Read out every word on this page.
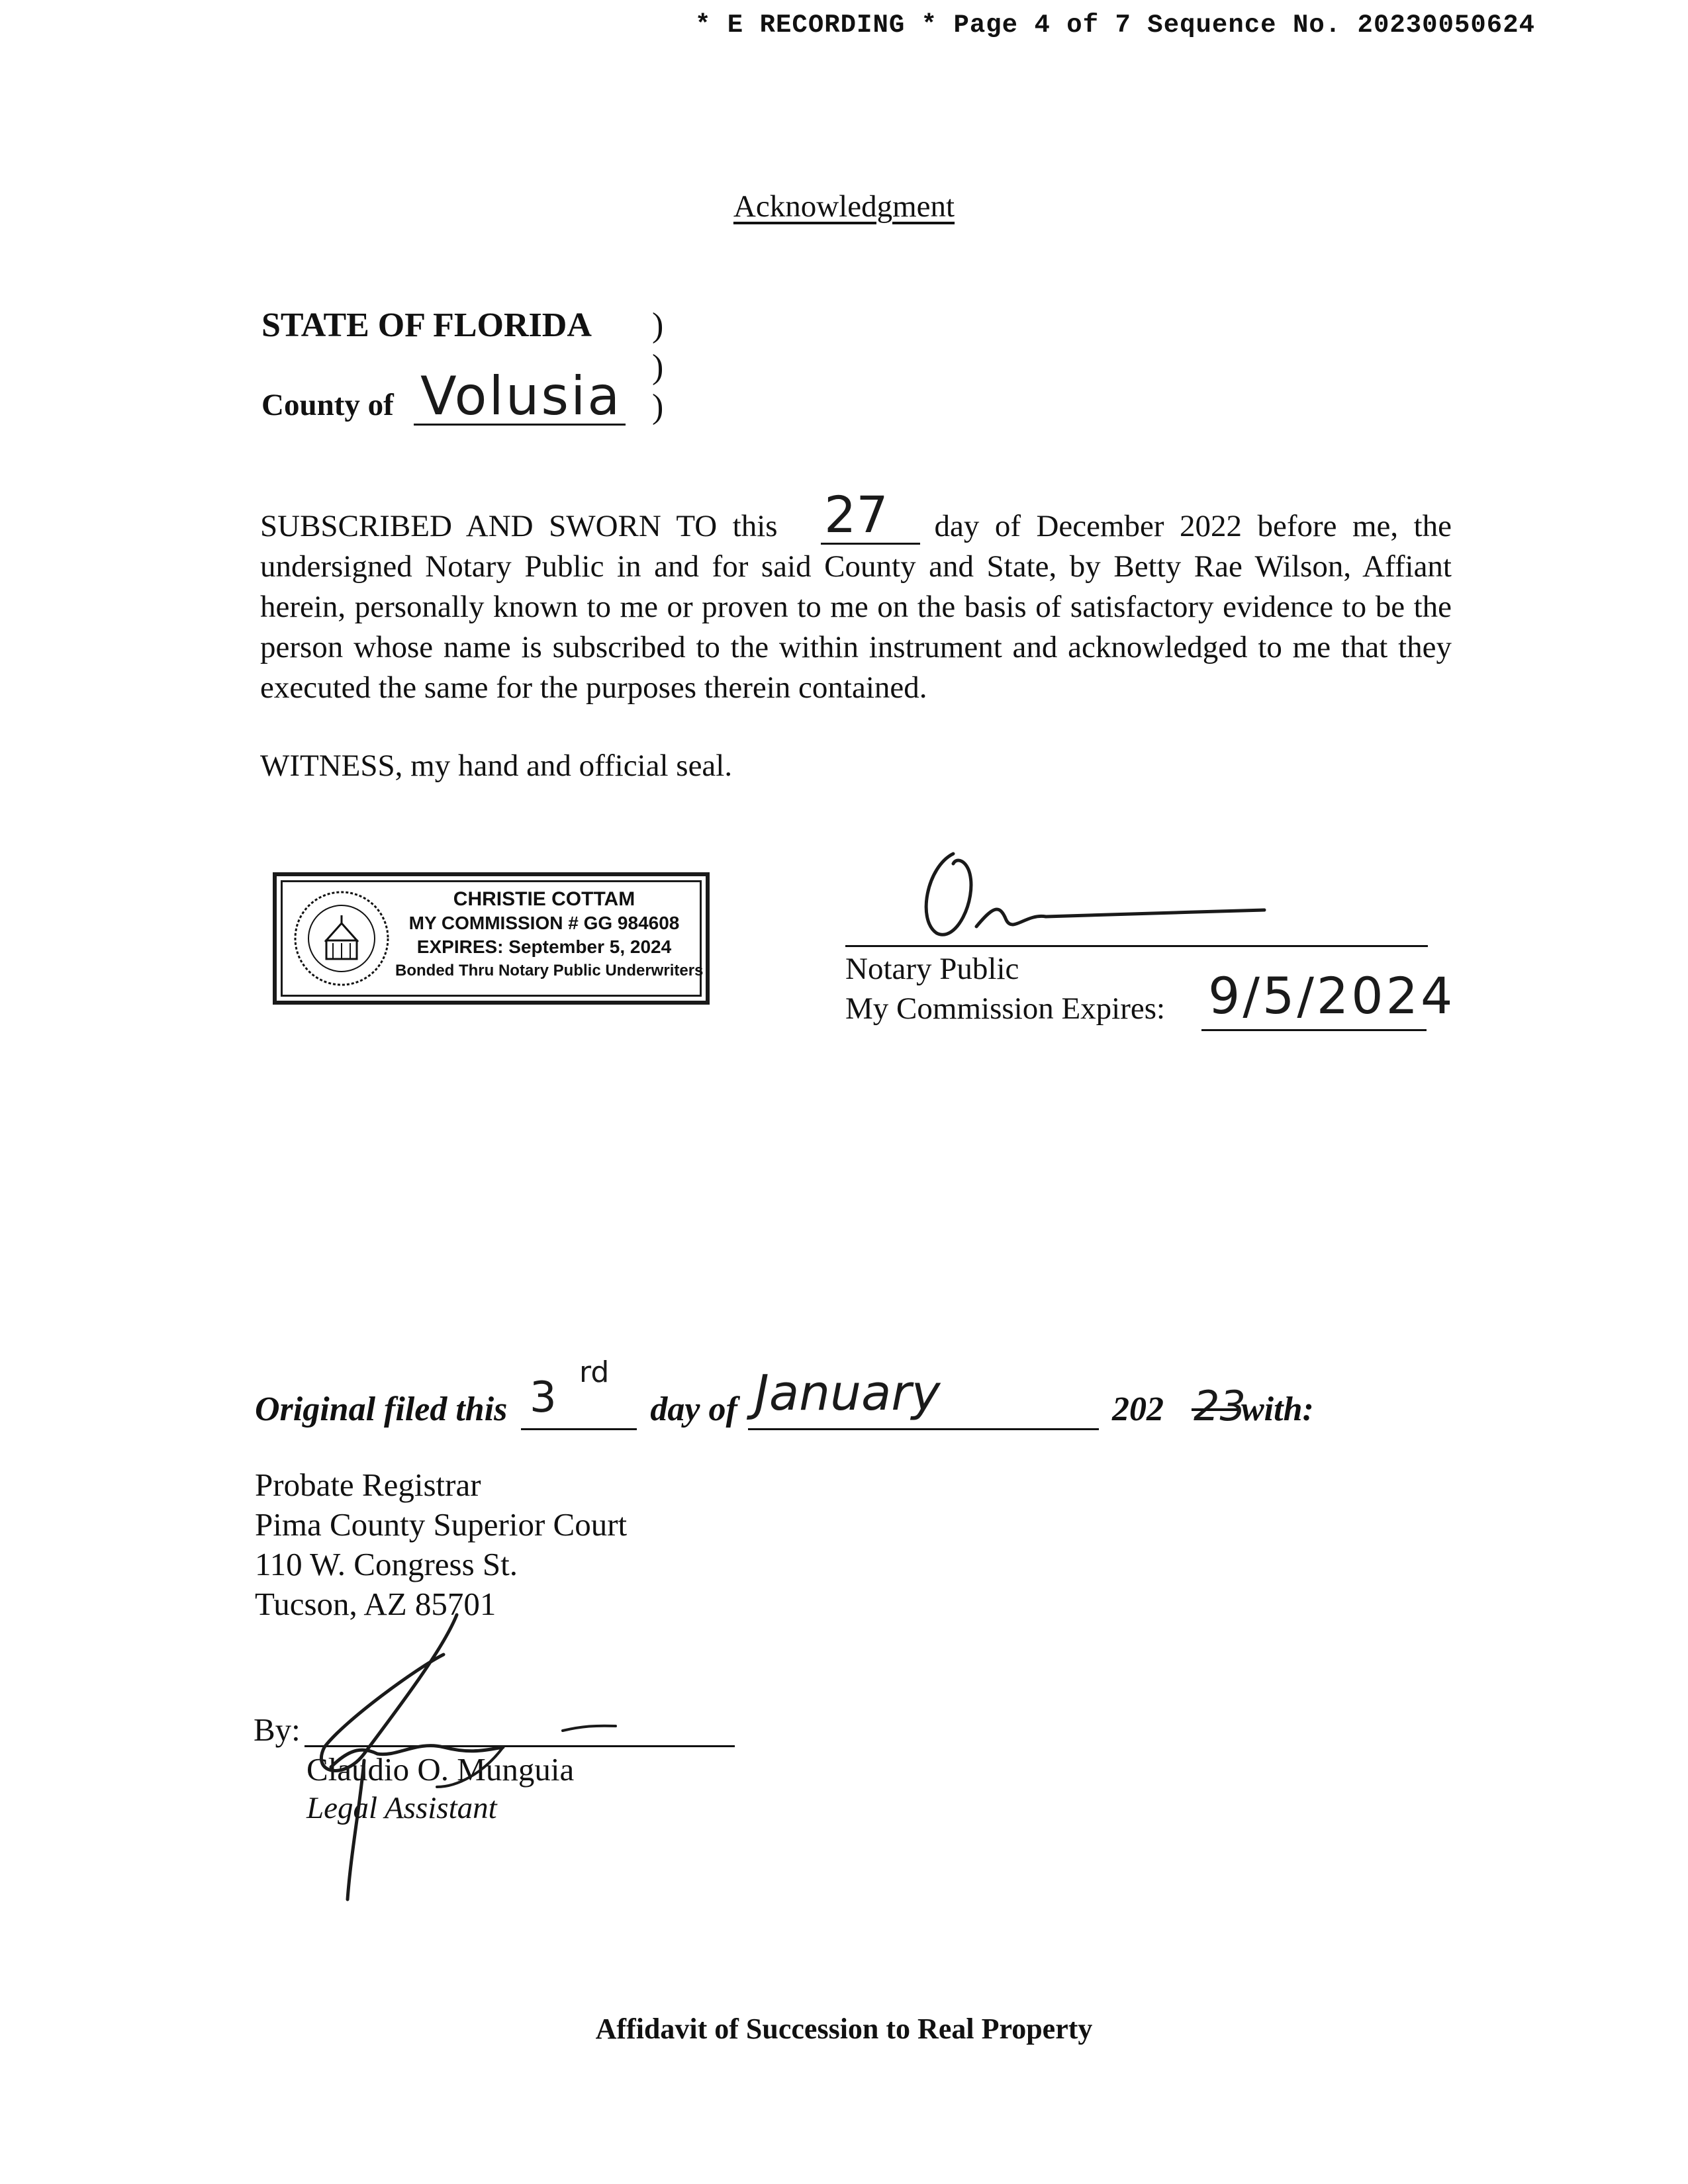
* E RECORDING * Page 4 of 7 Sequence No. 20230050624
Acknowledgment
STATE OF FLORIDA )
)
)
County of Volusia
SUBSCRIBED AND SWORN TO this	day of December 2022 before me, the undersigned Notary Public in and for said County and State, by Betty Rae Wilson, Affiant herein, personally known to me or proven to me on the basis of satisfactory evidence to be the person whose name is subscribed to the within instrument and acknowledged to me that they executed the same for the purposes therein contained.
27
WITNESS, my hand and official seal.
CHRISTIE COTTAM
MY COMMISSION # GG 984608
EXPIRES: September 5, 2024
Bonded Thru Notary Public Underwriters	Notary Public
My Commission Expires: 9/5/2024
Original filed this	day of
3
rd	January	202 23
with:
Probate Registrar
Pima County Superior Court
110 W. Congress St.
Tucson, AZ 85701
By:
Claudio O. Munguia
Legal Assistant
Affidavit of Succession to Real Property
